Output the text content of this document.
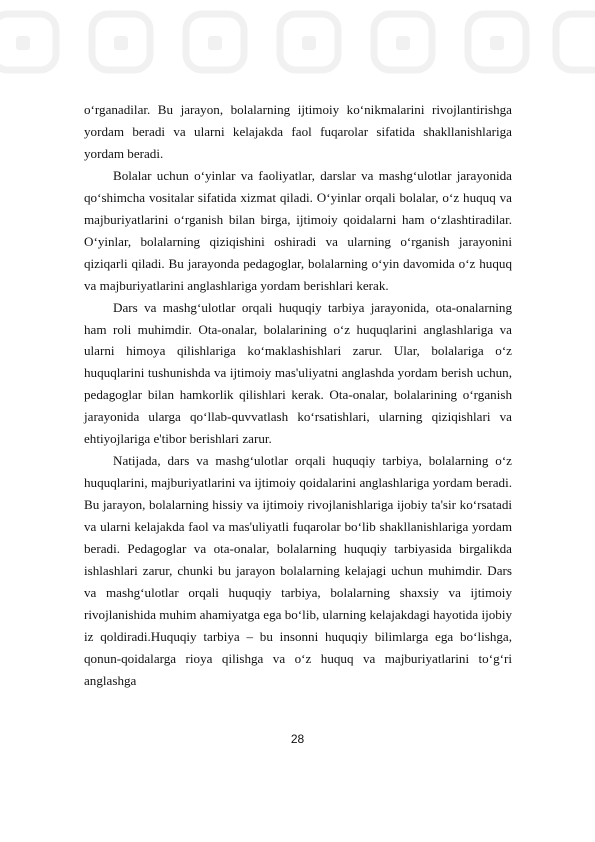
o‘rganadilar. Bu jarayon, bolalarning ijtimoiy ko‘nikmalarini rivojlantirishga yordam beradi va ularni kelajakda faol fuqarolar sifatida shakllanishlariga yordam beradi.

Bolalar uchun o‘yinlar va faoliyatlar, darslar va mashg‘ulotlar jarayonida qo‘shimcha vositalar sifatida xizmat qiladi. O‘yinlar orqali bolalar, o‘z huquq va majburiyatlarini o‘rganish bilan birga, ijtimoiy qoidalarni ham o‘zlashtiradilar. O‘yinlar, bolalarning qiziqishini oshiradi va ularning o‘rganish jarayonini qiziqarli qiladi. Bu jarayonda pedagoglar, bolalarning o‘yin davomida o‘z huquq va majburiyatlarini anglashlariga yordam berishlari kerak.

Dars va mashg‘ulotlar orqali huquqiy tarbiya jarayonida, ota-onalarning ham roli muhimdir. Ota-onalar, bolalarining o‘z huquqlarini anglashlariga va ularni himoya qilishlariga ko‘maklashishlari zarur. Ular, bolalariga o‘z huquqlarini tushunishda va ijtimoiy mas'uliyatni anglashda yordam berish uchun, pedagoglar bilan hamkorlik qilishlari kerak. Ota-onalar, bolalarining o‘rganish jarayonida ularga qo‘llab-quvvatlash ko‘rsatishlari, ularning qiziqishlari va ehtiyojlariga e'tibor berishlari zarur.

Natijada, dars va mashg‘ulotlar orqali huquqiy tarbiya, bolalarning o‘z huquqlarini, majburiyatlarini va ijtimoiy qoidalarini anglashlariga yordam beradi. Bu jarayon, bolalarning hissiy va ijtimoiy rivojlanishlariga ijobiy ta'sir ko‘rsatadi va ularni kelajakda faol va mas'uliyatli fuqarolar bo‘lib shakllanishlariga yordam beradi. Pedagoglar va ota-onalar, bolalarning huquqiy tarbiyasida birgalikda ishlashlari zarur, chunki bu jarayon bolalarning kelajagi uchun muhimdir. Dars va mashg‘ulotlar orqali huquqiy tarbiya, bolalarning shaxsiy va ijtimoiy rivojlanishida muhim ahamiyatga ega bo‘lib, ularning kelajakdagi hayotida ijobiy iz qoldiradi.Huquqiy tarbiya – bu insonni huquqiy bilimlarga ega bo‘lishga, qonun-qoidalarga rioya qilishga va o‘z huquq va majburiyatlarini to‘g‘ri anglashga

28
